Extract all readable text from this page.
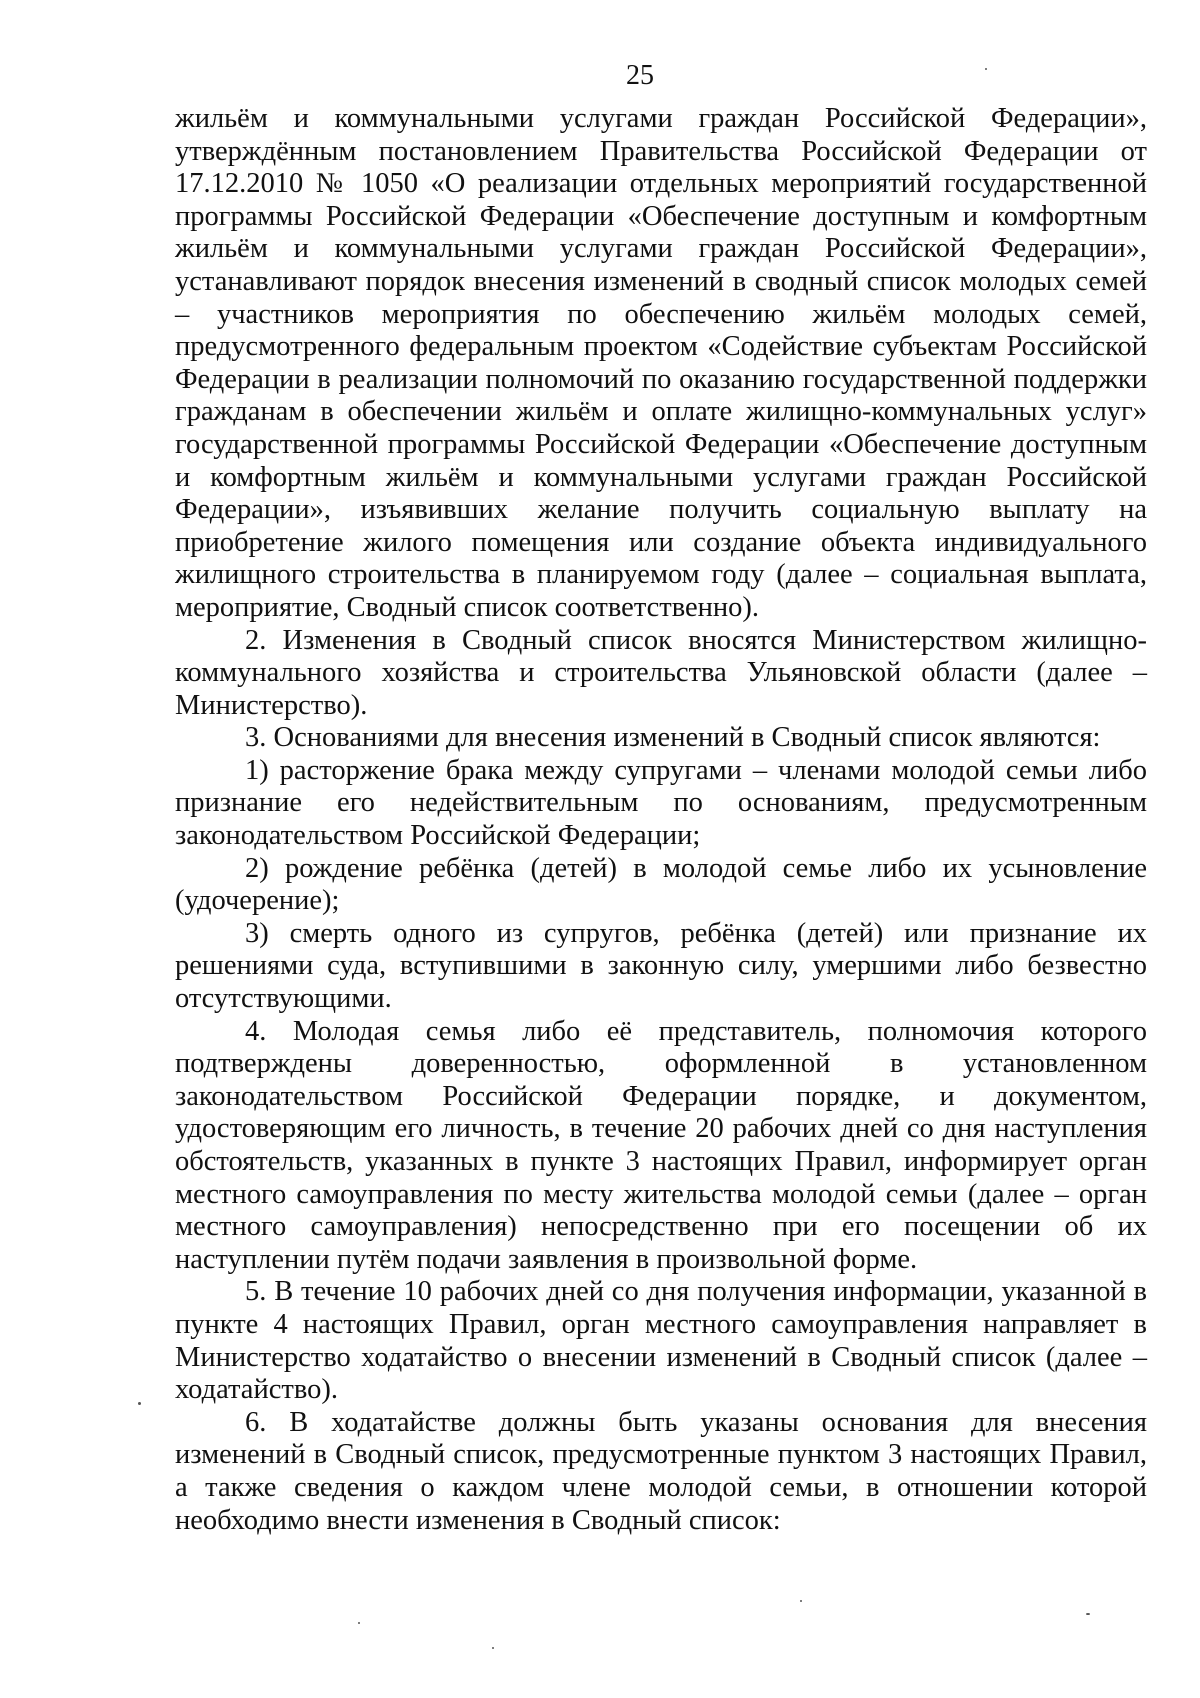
25

жильём и коммунальными услугами граждан Российской Федерации», утверждённым постановлением Правительства Российской Федерации от 17.12.2010 № 1050 «О реализации отдельных мероприятий государственной программы Российской Федерации «Обеспечение доступным и комфортным жильём и коммунальными услугами граждан Российской Федерации», устанавливают порядок внесения изменений в сводный список молодых семей – участников мероприятия по обеспечению жильём молодых семей, предусмотренного федеральным проектом «Содействие субъектам Российской Федерации в реализации полномочий по оказанию государственной поддержки гражданам в обеспечении жильём и оплате жилищно-коммунальных услуг» государственной программы Российской Федерации «Обеспечение доступным и комфортным жильём и коммунальными услугами граждан Российской Федерации», изъявивших желание получить социальную выплату на приобретение жилого помещения или создание объекта индивидуального жилищного строительства в планируемом году (далее – социальная выплата, мероприятие, Сводный список соответственно).

2. Изменения в Сводный список вносятся Министерством жилищно-коммунального хозяйства и строительства Ульяновской области (далее – Министерство).

3. Основаниями для внесения изменений в Сводный список являются:

1) расторжение брака между супругами – членами молодой семьи либо признание его недействительным по основаниям, предусмотренным законодательством Российской Федерации;

2) рождение ребёнка (детей) в молодой семье либо их усыновление (удочерение);

3) смерть одного из супругов, ребёнка (детей) или признание их решениями суда, вступившими в законную силу, умершими либо безвестно отсутствующими.

4. Молодая семья либо её представитель, полномочия которого подтверждены доверенностью, оформленной в установленном законодательством Российской Федерации порядке, и документом, удостоверяющим его личность, в течение 20 рабочих дней со дня наступления обстоятельств, указанных в пункте 3 настоящих Правил, информирует орган местного самоуправления по месту жительства молодой семьи (далее – орган местного самоуправления) непосредственно при его посещении об их наступлении путём подачи заявления в произвольной форме.

5. В течение 10 рабочих дней со дня получения информации, указанной в пункте 4 настоящих Правил, орган местного самоуправления направляет в Министерство ходатайство о внесении изменений в Сводный список (далее – ходатайство).

6. В ходатайстве должны быть указаны основания для внесения изменений в Сводный список, предусмотренные пунктом 3 настоящих Правил, а также сведения о каждом члене молодой семьи, в отношении которой необходимо внести изменения в Сводный список:
